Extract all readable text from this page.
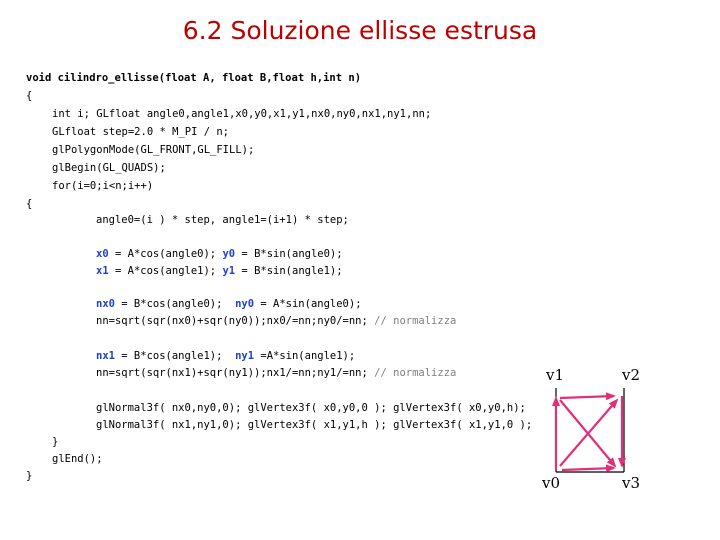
6.2 Soluzione ellisse estrusa
void cilindro_ellisse(float A, float B,float h,int n)
{
int i; GLfloat angle0,angle1,x0,y0,x1,y1,nx0,ny0,nx1,ny1,nn;
GLfloat step=2.0 * M_PI / n;
glPolygonMode(GL_FRONT,GL_FILL);
glBegin(GL_QUADS);
for(i=0;i<n;i++)
{
angle0=(i ) * step, angle1=(i+1) * step;
x0 = A*cos(angle0); y0 = B*sin(angle0);
x1 = A*cos(angle1); y1 = B*sin(angle1);
nx0 = B*cos(angle0);  ny0 = A*sin(angle0);
nn=sqrt(sqr(nx0)+sqr(ny0));nx0/=nn;ny0/=nn; // normalizza
nx1 = B*cos(angle1);  ny1 =A*sin(angle1);
nn=sqrt(sqr(nx1)+sqr(ny1));nx1/=nn;ny1/=nn; // normalizza
glNormal3f( nx0,ny0,0); glVertex3f( x0,y0,0 ); glVertex3f( x0,y0,h);
glNormal3f( nx1,ny1,0); glVertex3f( x1,y1,h ); glVertex3f( x1,y1,0 );
}
glEnd();
}
v1	v2
v0	v3
